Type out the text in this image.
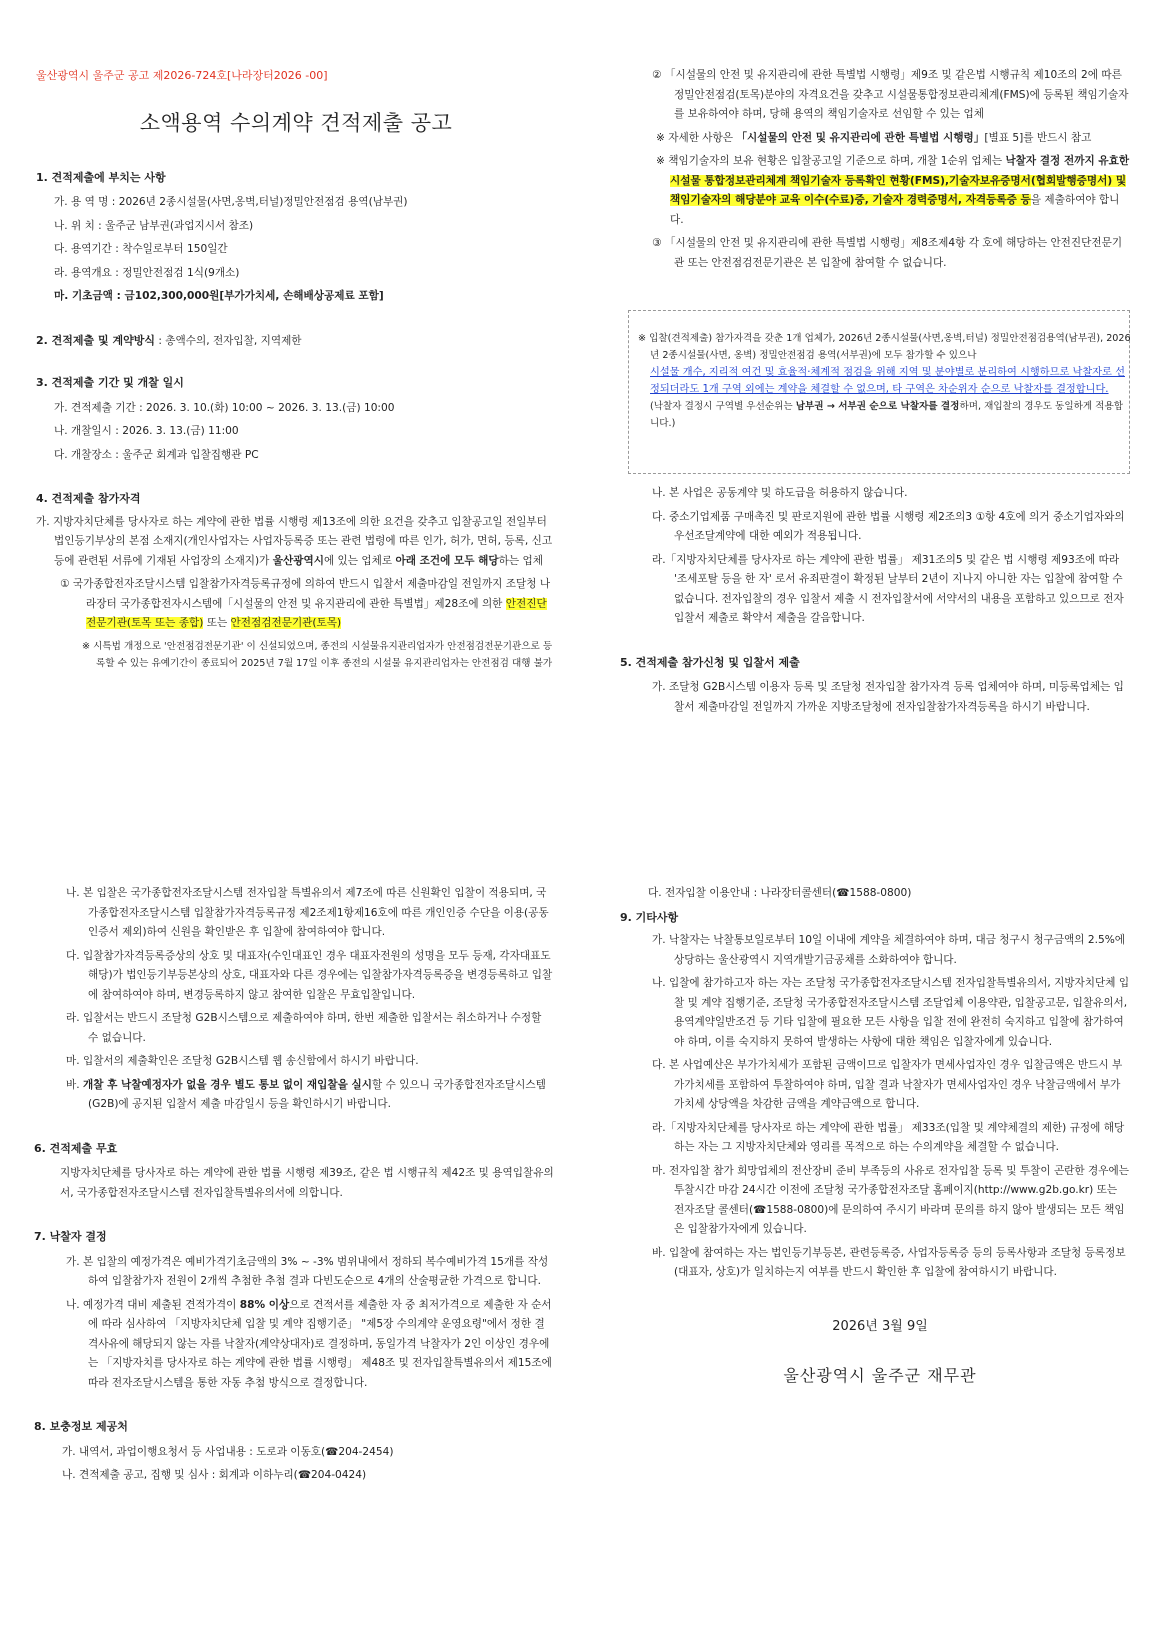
울산광역시 울주군 공고 제2026-724호[나라장터2026 -00]

소액용역 수의계약 견적제출 공고

1. 견적제출에 부치는 사항

가. 용 역 명 : 2026년 2종시설물(사면,옹벽,터널)정밀안전점검 용역(남부권)

나. 위 치 : 울주군 남부권(과업지시서 참조)

다. 용역기간 : 착수일로부터 150일간

라. 용역개요 : 정밀안전점검 1식(9개소)

마. 기초금액 : 금102,300,000원[부가가치세, 손해배상공제료 포함]

2. 견적제출 및 계약방식 : 총액수의, 전자입찰, 지역제한

3. 견적제출 기간 및 개찰 일시

가. 견적제출 기간 : 2026. 3. 10.(화) 10:00 ~ 2026. 3. 13.(금) 10:00

나. 개찰일시 : 2026. 3. 13.(금) 11:00

다. 개찰장소 : 울주군 회계과 입찰집행관 PC

4. 견적제출 참가자격

가. 지방자치단체를 당사자로 하는 계약에 관한 법률 시행령 제13조에 의한 요건을 갖추고 입찰공고일 전일부터 법인등기부상의 본점 소재지(개인사업자는 사업자등록증 또는 관련 법령에 따른 인가, 허가, 면허, 등록, 신고 등에 관련된 서류에 기재된 사업장의 소재지)가 울산광역시에 있는 업체로 아래 조건에 모두 해당하는 업체

① 국가종합전자조달시스템 입찰참가자격등록규정에 의하여 반드시 입찰서 제출마감일 전일까지 조달청 나라장터 국가종합전자시스템에「시설물의 안전 및 유지관리에 관한 특별법」제28조에 의한 안전진단전문기관(토목 또는 종합) 또는 안전점검전문기관(토목)

※ 시특법 개정으로 '안전점검전문기관' 이 신설되었으며, 종전의 시설물유지관리업자가 안전점검전문기관으로 등록할 수 있는 유예기간이 종료되어 2025년 7월 17일 이후 종전의 시설물 유지관리업자는 안전점검 대행 불가

② 「시설물의 안전 및 유지관리에 관한 특별법 시행령」제9조 및 같은법 시행규칙 제10조의 2에 따른 정밀안전점검(토목)분야의 자격요건을 갖추고 시설물통합정보관리체계(FMS)에 등록된 책임기술자를 보유하여야 하며, 당해 용역의 책임기술자로 선임할 수 있는 업체

※ 자세한 사항은 「시설물의 안전 및 유지관리에 관한 특별법 시행령」[별표 5]를 반드시 참고

※ 책임기술자의 보유 현황은 입찰공고일 기준으로 하며, 개찰 1순위 업체는 낙찰자 결정 전까지 유효한 시설물 통합정보관리체계 책임기술자 등록확인 현황(FMS),기술자보유증명서(협회발행증명서) 및 책임기술자의 해당분야 교육 이수(수료)증, 기술자 경력증명서, 자격등록증 등을 제출하여야 합니다.

③ 「시설물의 안전 및 유지관리에 관한 특별법 시행령」제8조제4항 각 호에 해당하는 안전진단전문기관 또는 안전점검전문기관은 본 입찰에 참여할 수 없습니다.

※ 입찰(견적제출) 참가자격을 갖춘 1개 업체가, 2026년 2종시설물(사면,옹벽,터널) 정밀안전점검용역(남부권), 2026년 2종시설물(사면, 옹벽) 정밀안전점검 용역(서부권)에 모두 참가할 수 있으나
시설물 개수, 지리적 여건 및 효율적·체계적 점검을 위해 지역 및 분야별로 분리하여 시행하므로 낙찰자로 선정되더라도 1개 구역 외에는 계약을 체결할 수 없으며, 타 구역은 차순위자 순으로 낙찰자를 결정합니다.
(낙찰자 결정시 구역별 우선순위는 남부권 → 서부권 순으로 낙찰자를 결정하며, 재입찰의 경우도 동일하게 적용합니다.)

나. 본 사업은 공동계약 및 하도급을 허용하지 않습니다.

다. 중소기업제품 구매촉진 및 판로지원에 관한 법률 시행령 제2조의3 ①항 4호에 의거 중소기업자와의 우선조달계약에 대한 예외가 적용됩니다.

라.「지방자치단체를 당사자로 하는 계약에 관한 법률」 제31조의5 및 같은 법 시행령 제93조에 따라 '조세포탈 등을 한 자' 로서 유죄판결이 확정된 날부터 2년이 지나지 아니한 자는 입찰에 참여할 수 없습니다. 전자입찰의 경우 입찰서 제출 시 전자입찰서에 서약서의 내용을 포함하고 있으므로 전자입찰서 제출로 확약서 제출을 갈음합니다.

5. 견적제출 참가신청 및 입찰서 제출

가. 조달청 G2B시스템 이용자 등록 및 조달청 전자입찰 참가자격 등록 업체여야 하며, 미등록업체는 입찰서 제출마감일 전일까지 가까운 지방조달청에 전자입찰참가자격등록을 하시기 바랍니다.

나. 본 입찰은 국가종합전자조달시스템 전자입찰 특별유의서 제7조에 따른 신원확인 입찰이 적용되며, 국가종합전자조달시스템 입찰참가자격등록규정 제2조제1항제16호에 따른 개인인증 수단을 이용(공동인증서 제외)하여 신원을 확인받은 후 입찰에 참여하여야 합니다.

다. 입찰참가자격등록증상의 상호 및 대표자(수인대표인 경우 대표자전원의 성명을 모두 등재, 각자대표도 해당)가 법인등기부등본상의 상호, 대표자와 다른 경우에는 입찰참가자격등록증을 변경등록하고 입찰에 참여하여야 하며, 변경등록하지 않고 참여한 입찰은 무효입찰입니다.

라. 입찰서는 반드시 조달청 G2B시스템으로 제출하여야 하며, 한번 제출한 입찰서는 취소하거나 수정할 수 없습니다.

마. 입찰서의 제출확인은 조달청 G2B시스템 웹 송신함에서 하시기 바랍니다.

바. 개찰 후 낙찰예정자가 없을 경우 별도 통보 없이 재입찰을 실시할 수 있으니 국가종합전자조달시스템(G2B)에 공지된 입찰서 제출 마감일시 등을 확인하시기 바랍니다.

6. 견적제출 무효

지방자치단체를 당사자로 하는 계약에 관한 법률 시행령 제39조, 같은 법 시행규칙 제42조 및 용역입찰유의서, 국가종합전자조달시스템 전자입찰특별유의서에 의합니다.

7. 낙찰자 결정

가. 본 입찰의 예정가격은 예비가격기초금액의 3% ~ -3% 범위내에서 정하되 복수예비가격 15개를 작성하여 입찰참가자 전원이 2개씩 추첨한 추첨 결과 다빈도순으로 4개의 산술평균한 가격으로 합니다.

나. 예정가격 대비 제출된 견적가격이 88% 이상으로 견적서를 제출한 자 중 최저가격으로 제출한 자 순서에 따라 심사하여 「지방자치단체 입찰 및 계약 집행기준」 "제5장 수의계약 운영요령"에서 정한 결격사유에 해당되지 않는 자를 낙찰자(계약상대자)로 결정하며, 동일가격 낙찰자가 2인 이상인 경우에는 「지방자치를 당사자로 하는 계약에 관한 법률 시행령」 제48조 및 전자입찰특별유의서 제15조에 따라 전자조달시스템을 통한 자동 추첨 방식으로 결정합니다.

8. 보충정보 제공처

가. 내역서, 과업이행요청서 등 사업내용 : 도로과 이동호(☎204-2454)

나. 견적제출 공고, 집행 및 심사 : 회계과 이하누리(☎204-0424)

다. 전자입찰 이용안내 : 나라장터콜센터(☎1588-0800)

9. 기타사항

가. 낙찰자는 낙찰통보일로부터 10일 이내에 계약을 체결하여야 하며, 대금 청구시 청구금액의 2.5%에 상당하는 울산광역시 지역개발기금공채를 소화하여야 합니다.

나. 입찰에 참가하고자 하는 자는 조달청 국가종합전자조달시스템 전자입찰특별유의서, 지방자치단체 입찰 및 계약 집행기준, 조달청 국가종합전자조달시스템 조달업체 이용약관, 입찰공고문, 입찰유의서, 용역계약일반조건 등 기타 입찰에 필요한 모든 사항을 입찰 전에 완전히 숙지하고 입찰에 참가하여야 하며, 이를 숙지하지 못하여 발생하는 사항에 대한 책임은 입찰자에게 있습니다.

다. 본 사업예산은 부가가치세가 포함된 금액이므로 입찰자가 면세사업자인 경우 입찰금액은 반드시 부가가치세를 포함하여 투찰하여야 하며, 입찰 결과 낙찰자가 면세사업자인 경우 낙찰금액에서 부가가치세 상당액을 차감한 금액을 계약금액으로 합니다.

라.「지방자치단체를 당사자로 하는 계약에 관한 법률」 제33조(입찰 및 계약체결의 제한) 규정에 해당하는 자는 그 지방자치단체와 영리를 목적으로 하는 수의계약을 체결할 수 없습니다.

마. 전자입찰 참가 희망업체의 전산장비 준비 부족등의 사유로 전자입찰 등록 및 투찰이 곤란한 경우에는 투찰시간 마감 24시간 이전에 조달청 국가종합전자조달 홈페이지(http://www.g2b.go.kr) 또는 전자조달 콜센터(☎1588-0800)에 문의하여 주시기 바라며 문의를 하지 않아 발생되는 모든 책임은 입찰참가자에게 있습니다.

바. 입찰에 참여하는 자는 법인등기부등본, 관련등록증, 사업자등록증 등의 등록사항과 조달청 등록정보(대표자, 상호)가 일치하는지 여부를 반드시 확인한 후 입찰에 참여하시기 바랍니다.

2026년 3월 9일

울산광역시 울주군 재무관
